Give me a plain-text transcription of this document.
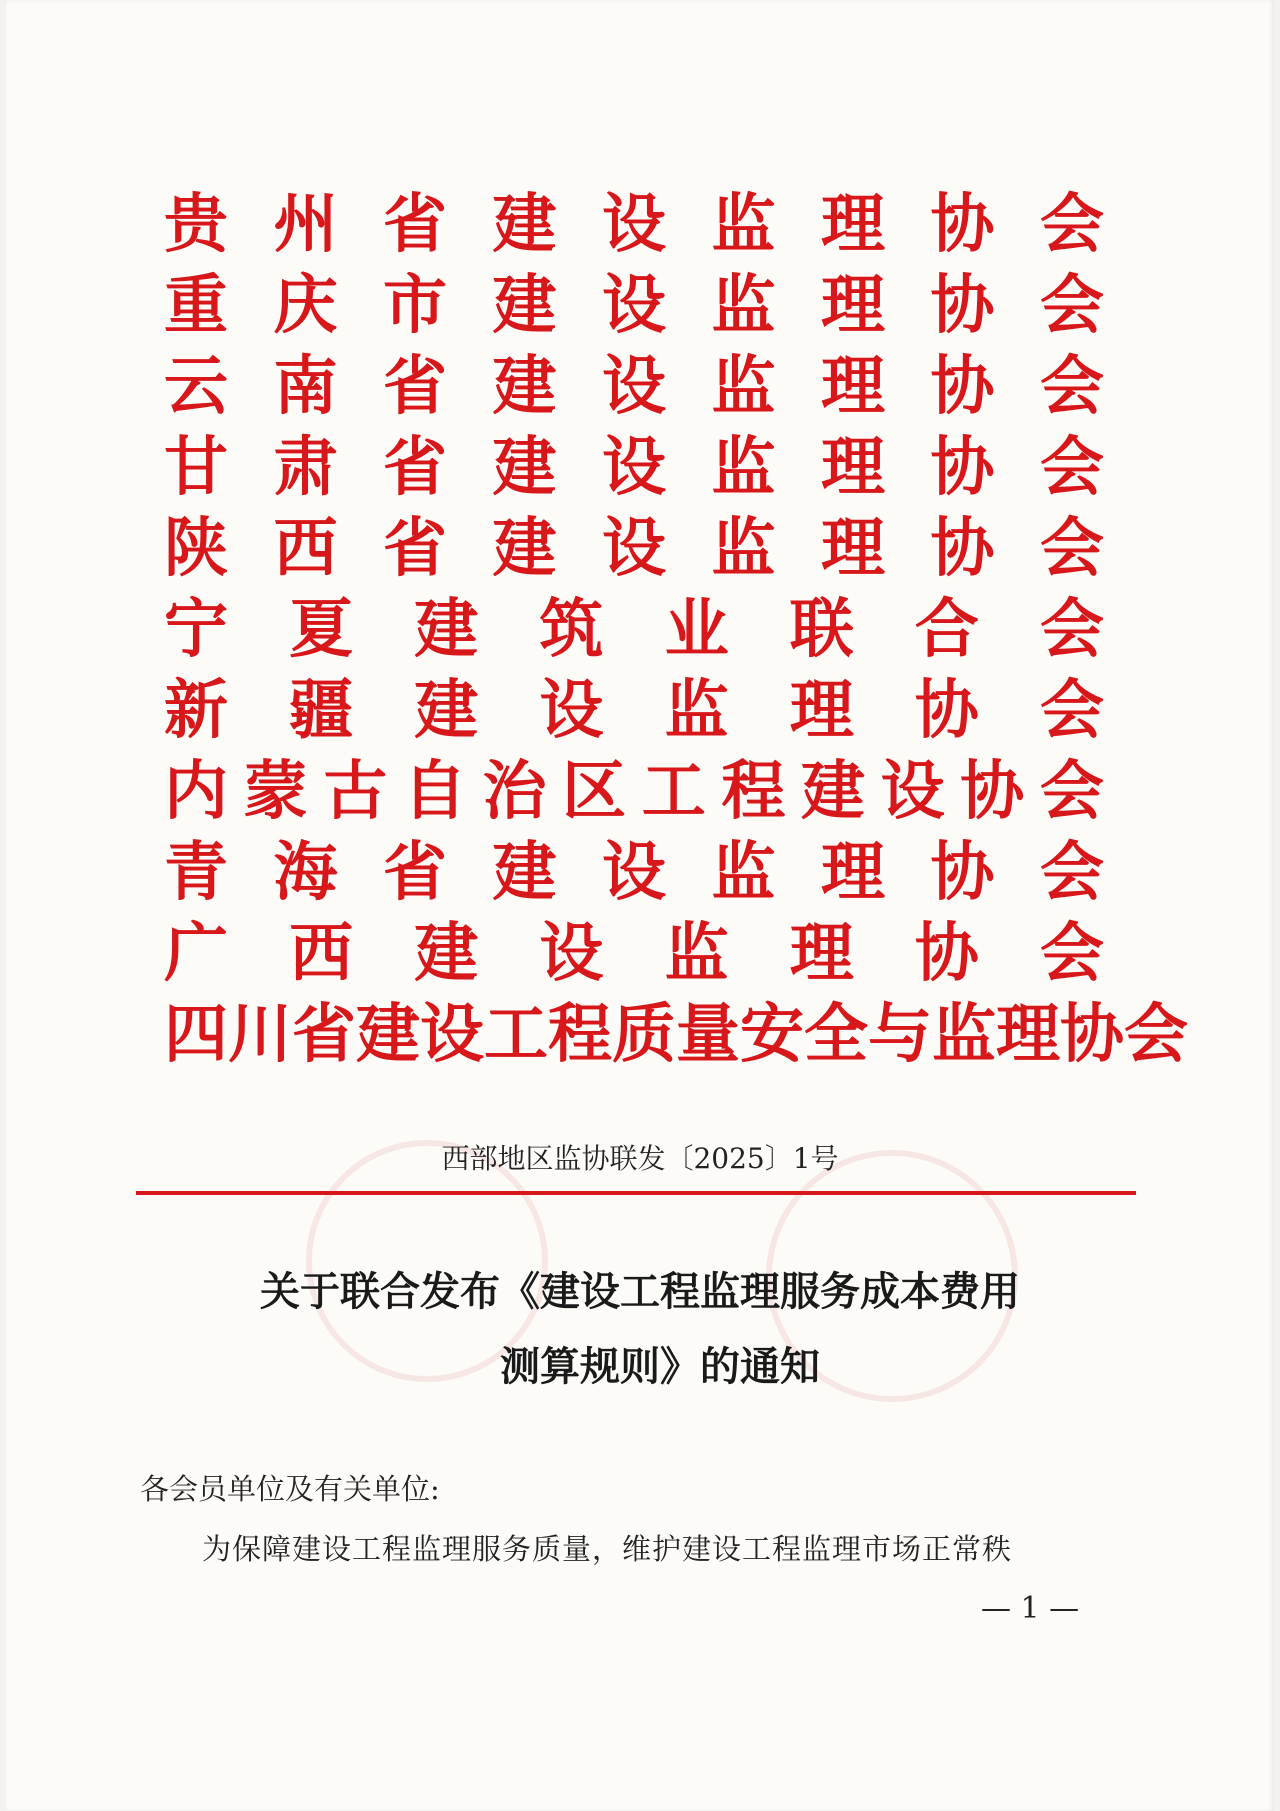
贵 州 省 建 设 监 理 协 会
重 庆 市 建 设 监 理 协 会
云 南 省 建 设 监 理 协 会
甘 肃 省 建 设 监 理 协 会
陕 西 省 建 设 监 理 协 会
宁 夏 建 筑 业 联 合 会
新 疆 建 设 监 理 协 会
内 蒙 古 自 治 区 工 程 建 设 协 会
青 海 省 建 设 监 理 协 会
广 西 建 设 监 理 协 会
四 川 省 建 设 工 程 质 量 安 全 与 监 理 协 会
西部地区监协联发〔2025〕1号
关于联合发布《建设工程监理服务成本费用
测算规则》的通知
各会员单位及有关单位:
为保障建设工程监理服务质量，维护建设工程监理市场正常秩
— 1 —
